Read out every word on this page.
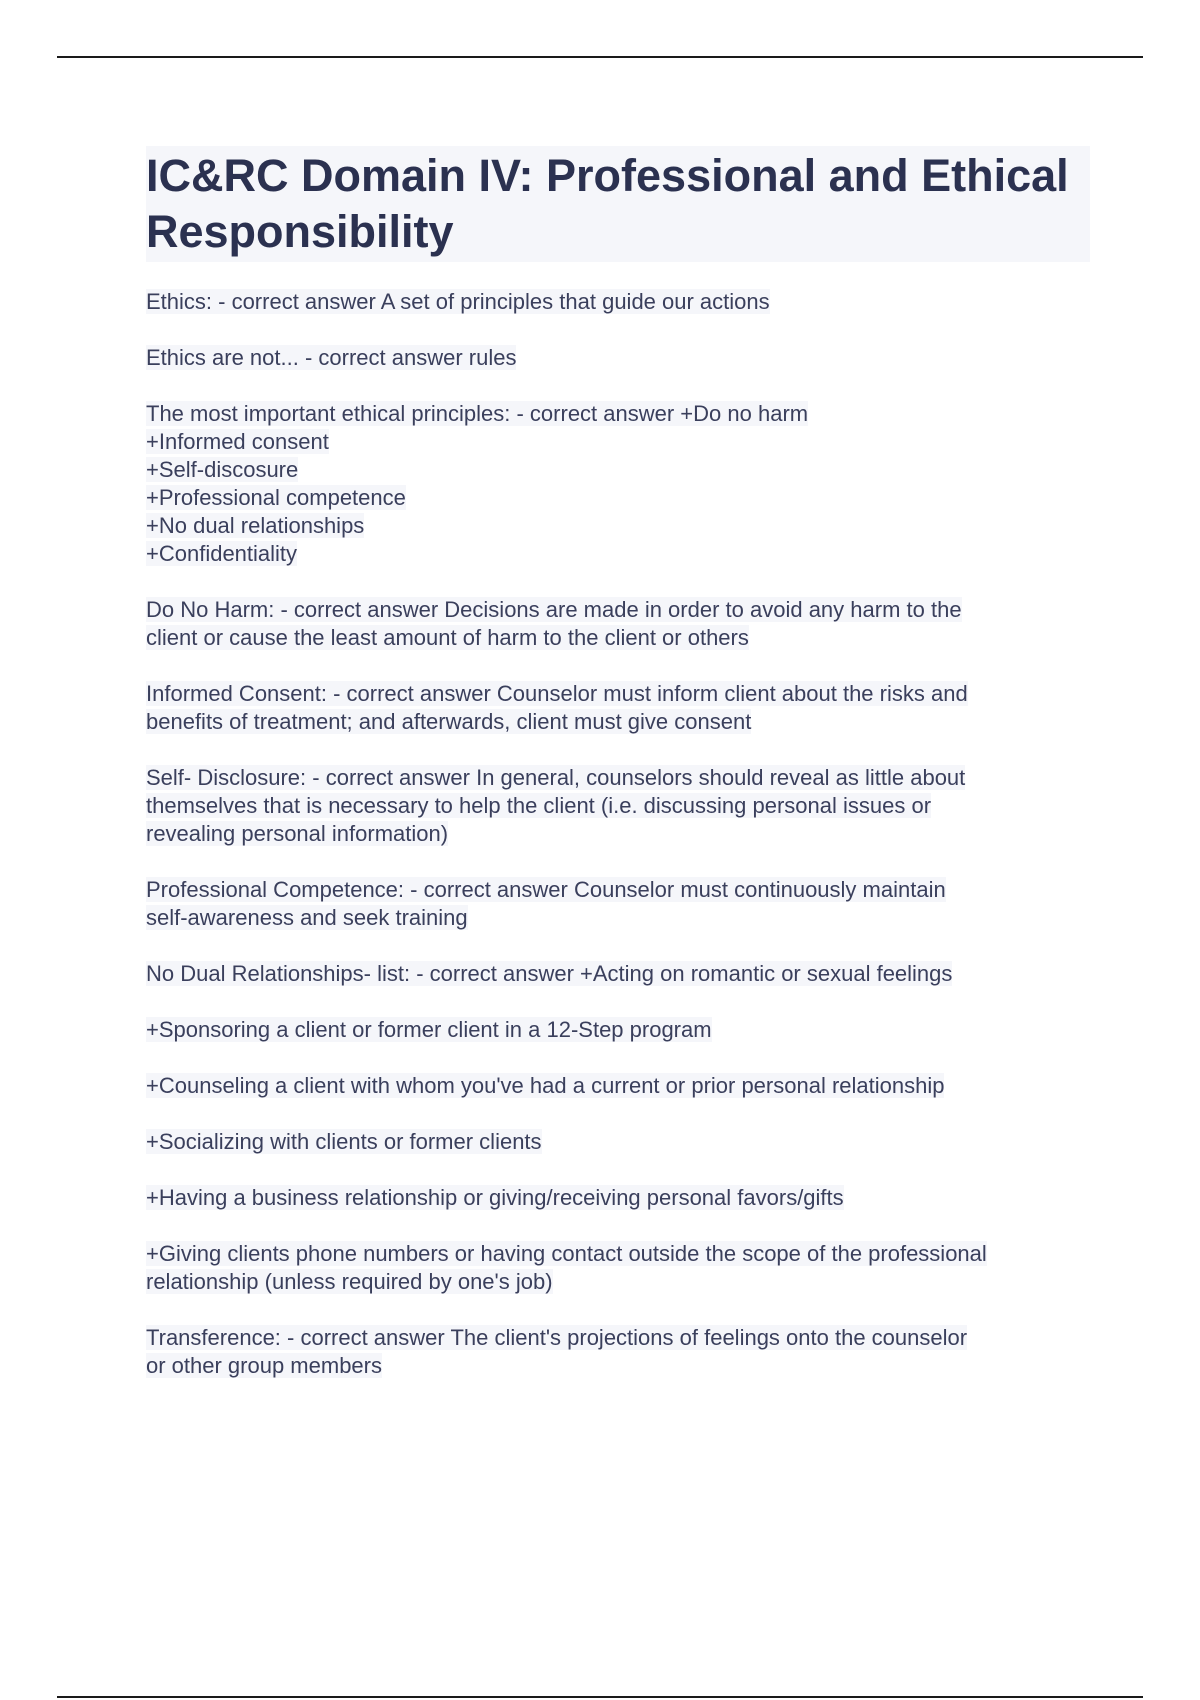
IC&RC Domain IV: Professional and Ethical Responsibility

Ethics: - correct answer A set of principles that guide our actions

Ethics are not... - correct answer rules

The most important ethical principles: - correct answer +Do no harm
+Informed consent
+Self-discosure
+Professional competence
+No dual relationships
+Confidentiality

Do No Harm: - correct answer Decisions are made in order to avoid any harm to the
client or cause the least amount of harm to the client or others

Informed Consent: - correct answer Counselor must inform client about the risks and
benefits of treatment; and afterwards, client must give consent

Self- Disclosure: - correct answer In general, counselors should reveal as little about
themselves that is necessary to help the client (i.e. discussing personal issues or
revealing personal information)

Professional Competence: - correct answer Counselor must continuously maintain
self-awareness and seek training

No Dual Relationships- list: - correct answer +Acting on romantic or sexual feelings

+Sponsoring a client or former client in a 12-Step program

+Counseling a client with whom you've had a current or prior personal relationship

+Socializing with clients or former clients

+Having a business relationship or giving/receiving personal favors/gifts

+Giving clients phone numbers or having contact outside the scope of the professional
relationship (unless required by one's job)

Transference: - correct answer The client's projections of feelings onto the counselor
or other group members
